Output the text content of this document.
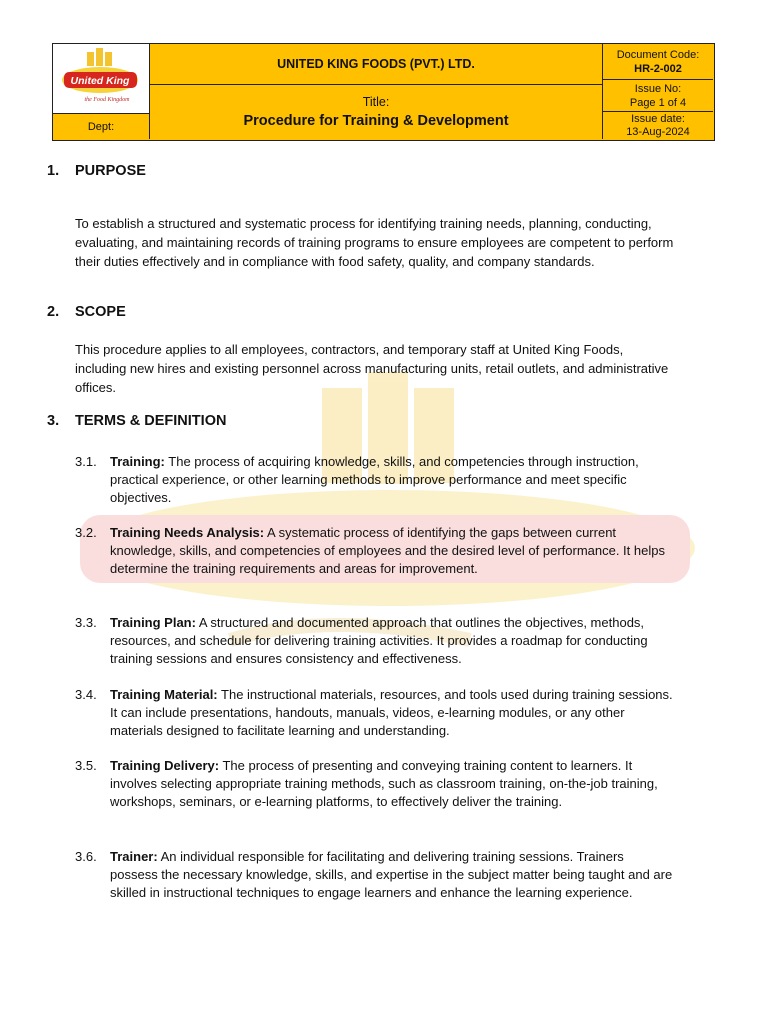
United King
the Food Kingdom
Dept:
UNITED KING FOODS (PVT.) LTD.
Title:
Procedure for Training & Development
Document Code:
HR-2-002
Issue No:
Page 1 of 4
Issue date:
13-Aug-2024
1. PURPOSE
To establish a structured and systematic process for identifying training needs, planning, conducting, evaluating, and maintaining records of training programs to ensure employees are competent to perform their duties effectively and in compliance with food safety, quality, and company standards.
2. SCOPE
This procedure applies to all employees, contractors, and temporary staff at United King Foods, including new hires and existing personnel across manufacturing units, retail outlets, and administrative offices.
3. TERMS & DEFINITION
3.1. Training: The process of acquiring knowledge, skills, and competencies through instruction, practical experience, or other learning methods to improve performance and meet specific objectives.
3.2. Training Needs Analysis: A systematic process of identifying the gaps between current knowledge, skills, and competencies of employees and the desired level of performance. It helps determine the training requirements and areas for improvement.
3.3. Training Plan: A structured and documented approach that outlines the objectives, methods, resources, and schedule for delivering training activities. It provides a roadmap for conducting training sessions and ensures consistency and effectiveness.
3.4. Training Material: The instructional materials, resources, and tools used during training sessions. It can include presentations, handouts, manuals, videos, e-learning modules, or any other materials designed to facilitate learning and understanding.
3.5. Training Delivery: The process of presenting and conveying training content to learners. It involves selecting appropriate training methods, such as classroom training, on-the-job training, workshops, seminars, or e-learning platforms, to effectively deliver the training.
3.6. Trainer: An individual responsible for facilitating and delivering training sessions. Trainers possess the necessary knowledge, skills, and expertise in the subject matter being taught and are skilled in instructional techniques to engage learners and enhance the learning experience.
